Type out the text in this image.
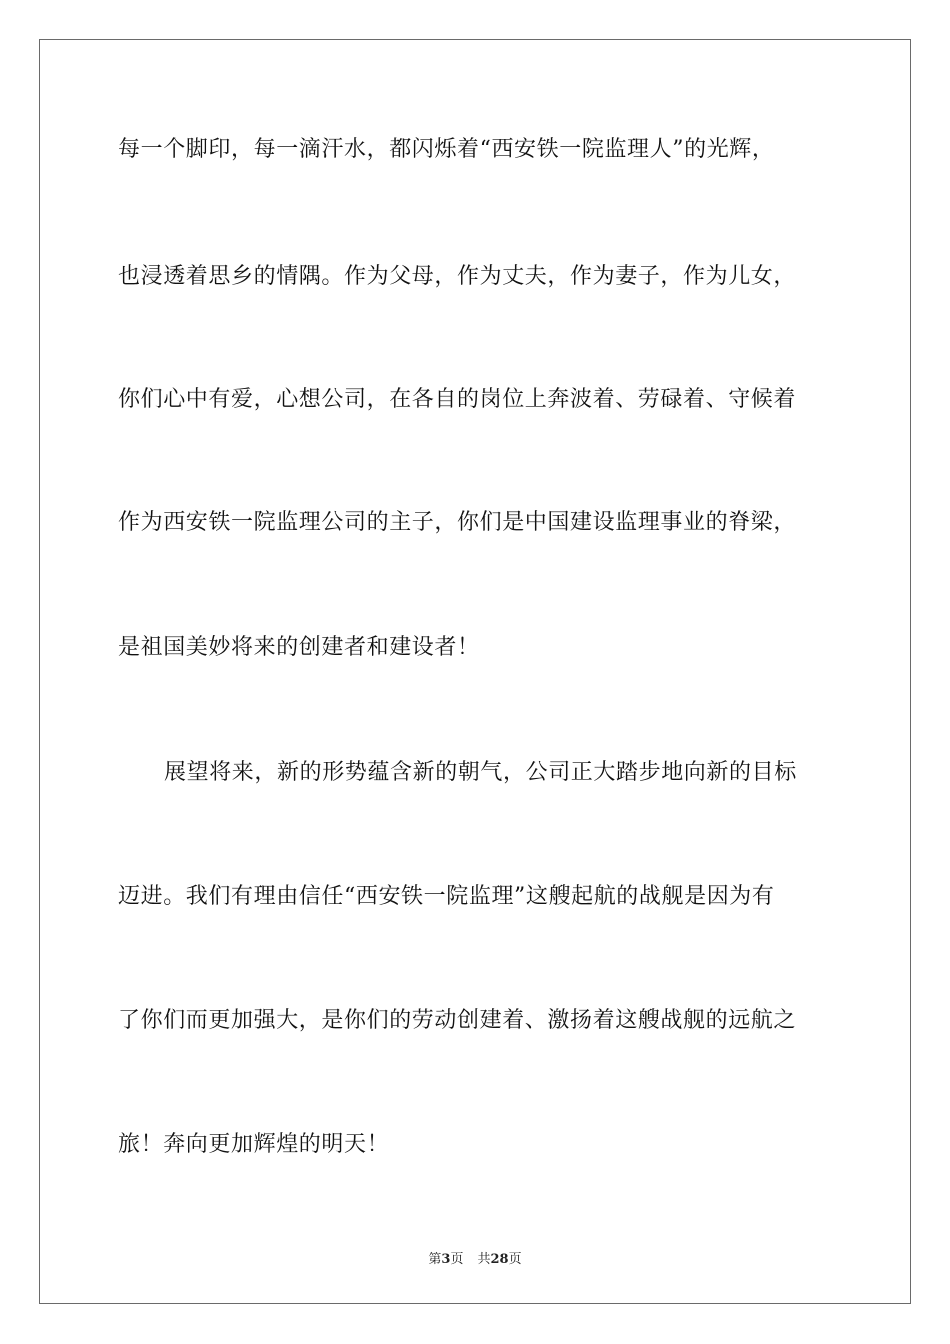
每一个脚印，每一滴汗水，都闪烁着“西安铁一院监理人”的光辉，
也浸透着思乡的情隅。作为父母，作为丈夫，作为妻子，作为儿女，
你们心中有爱，心想公司，在各自的岗位上奔波着、劳碌着、守候着
作为西安铁一院监理公司的主子，你们是中国建设监理事业的脊梁，
是祖国美妙将来的创建者和建设者！
展望将来，新的形势蕴含新的朝气，公司正大踏步地向新的目标
迈进。我们有理由信任“西安铁一院监理”这艘起航的战舰是因为有
了你们而更加强大，是你们的劳动创建着、激扬着这艘战舰的远航之
旅！奔向更加辉煌的明天！
第3页 共28页
